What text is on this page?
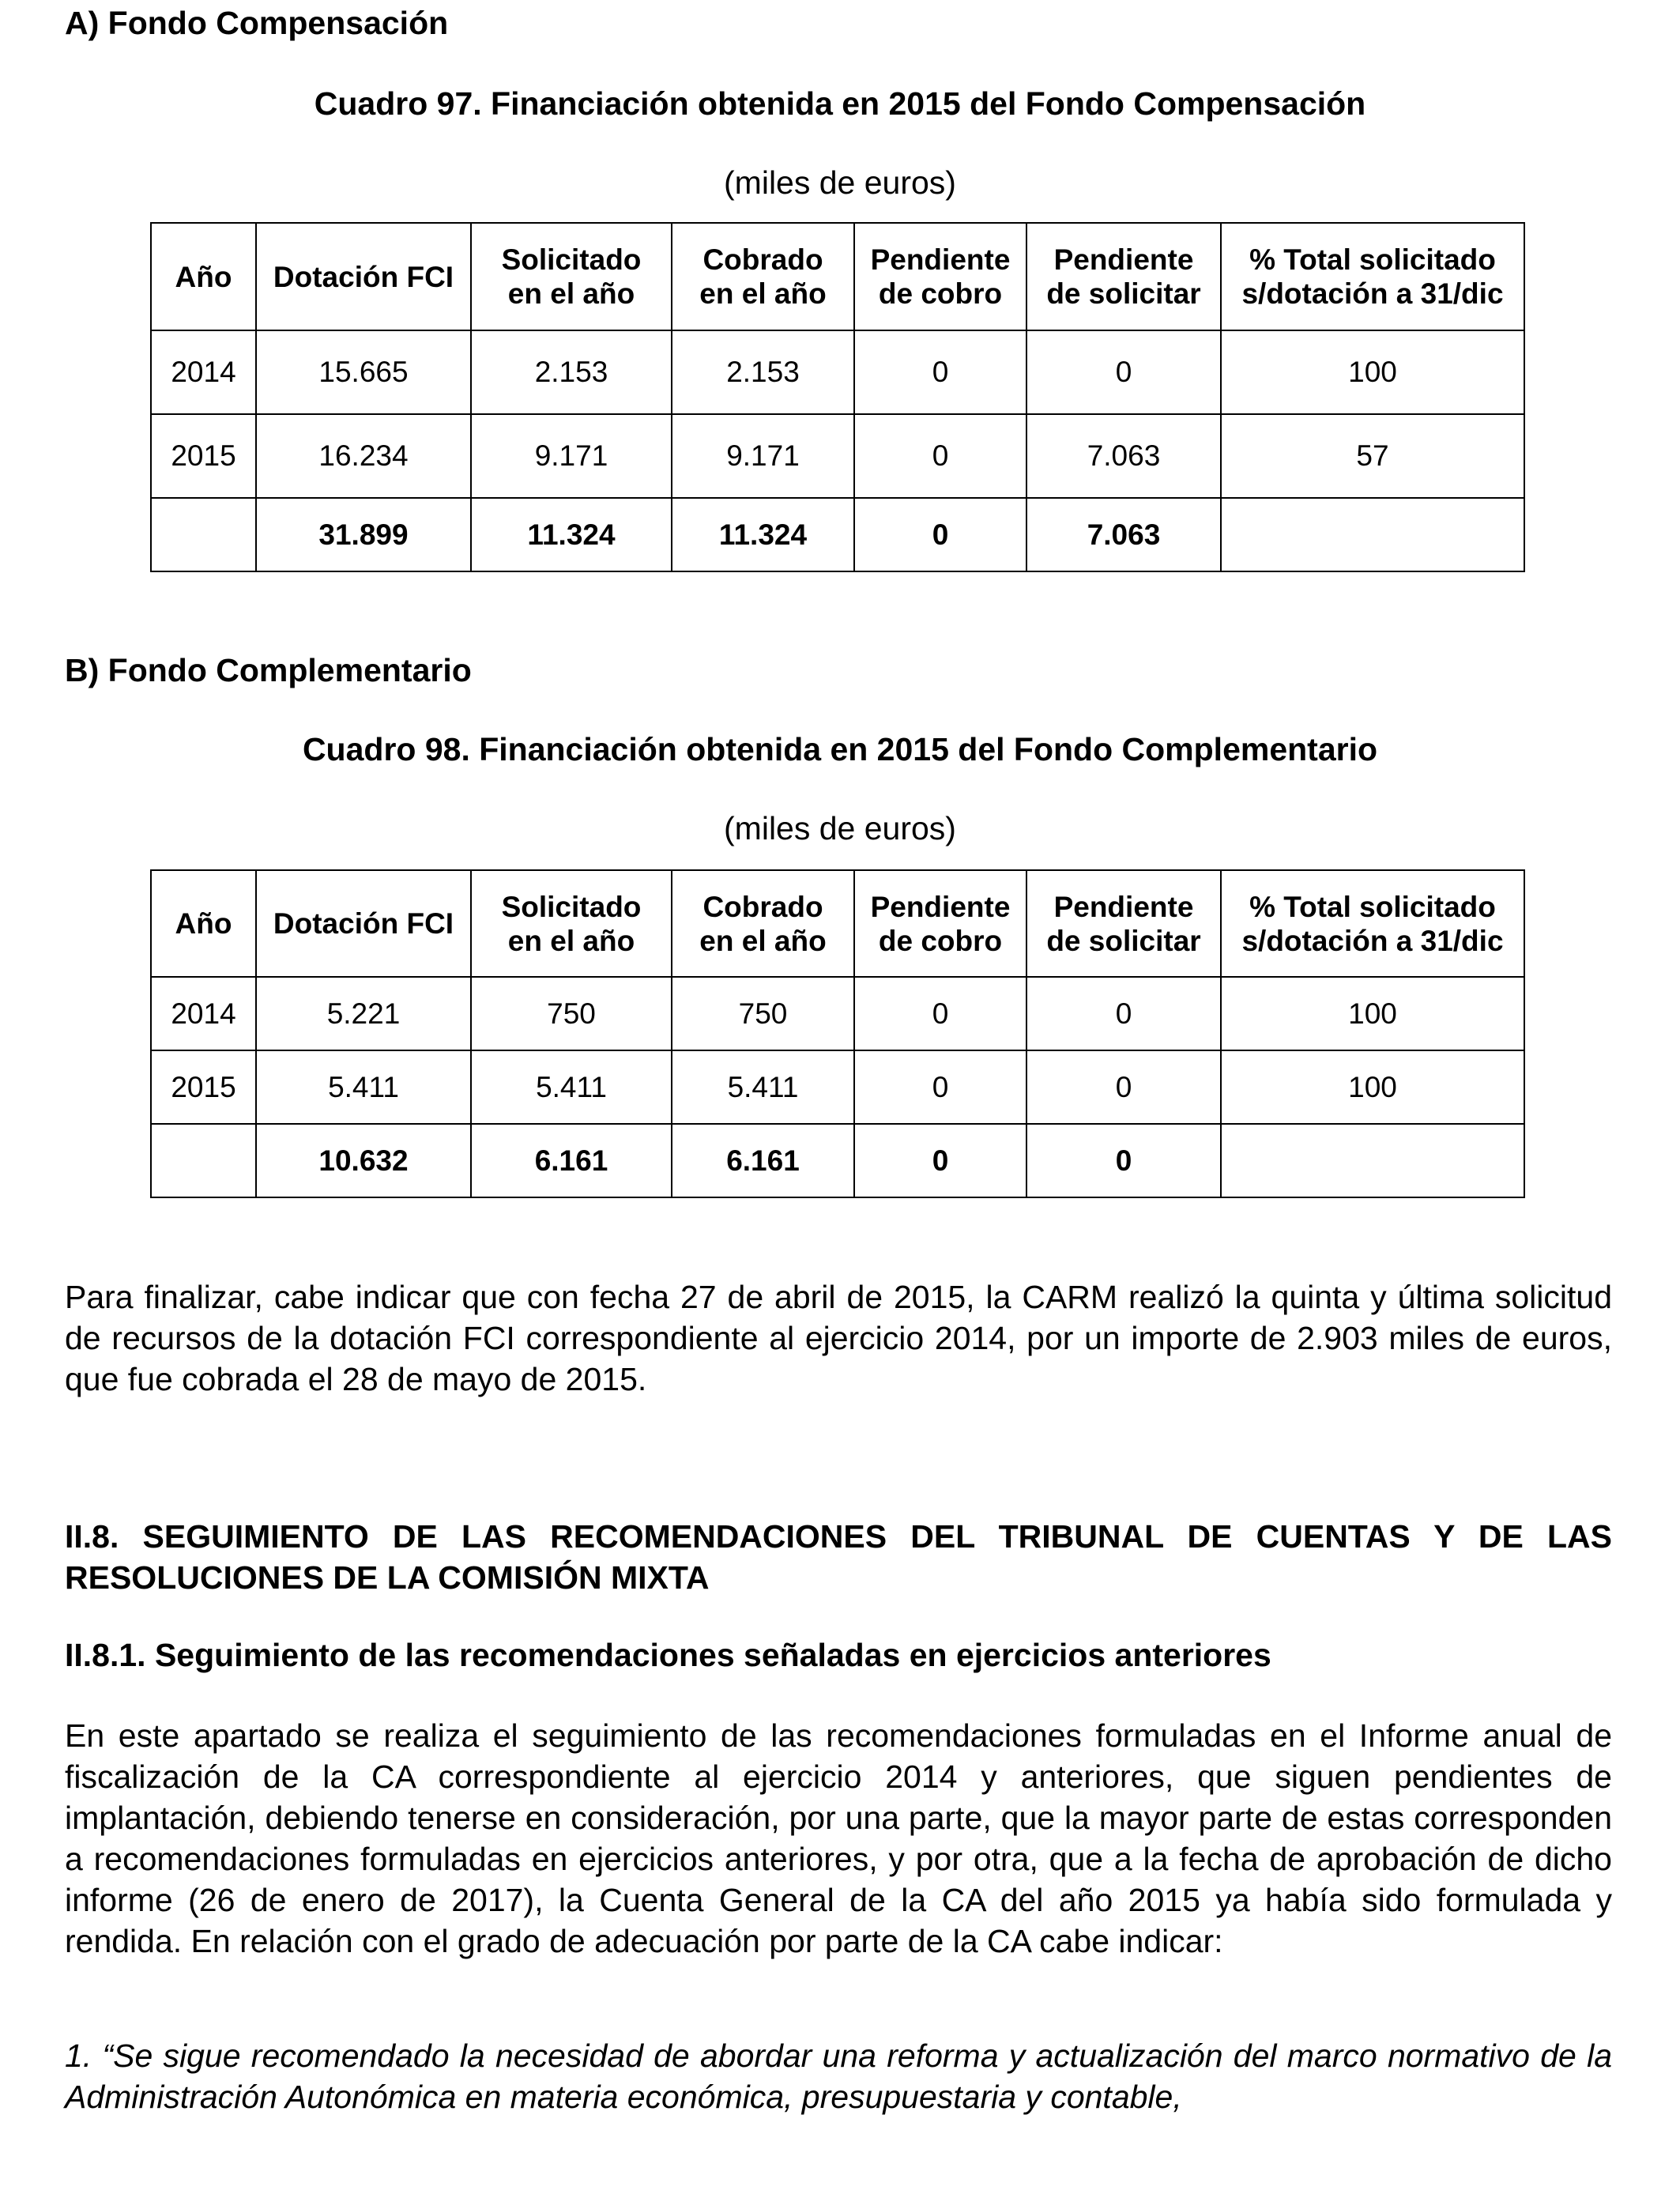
A) Fondo Compensación
Cuadro 97. Financiación obtenida en 2015 del Fondo Compensación
(miles de euros)
Año	Dotación FCI	Solicitado en el año	Cobrado en el año	Pendiente de cobro	Pendiente de solicitar	% Total solicitado s/dotación a 31/dic

2014	15.665	2.153	2.153	0	0	100
2015	16.234	9.171	9.171	0	7.063	57
	31.899	11.324	11.324	0	7.063	
B) Fondo Complementario
Cuadro 98. Financiación obtenida en 2015 del Fondo Complementario
(miles de euros)
Año	Dotación FCI	Solicitado en el año	Cobrado en el año	Pendiente de cobro	Pendiente de solicitar	% Total solicitado s/dotación a 31/dic

2014	5.221	750	750	0	0	100
2015	5.411	5.411	5.411	0	0	100
	10.632	6.161	6.161	0	0	
Para finalizar, cabe indicar que con fecha 27 de abril de 2015, la CARM realizó la quinta y última solicitud de recursos de la dotación FCI correspondiente al ejercicio 2014, por un importe de 2.903 miles de euros, que fue cobrada el 28 de mayo de 2015.
II.8. SEGUIMIENTO DE LAS RECOMENDACIONES DEL TRIBUNAL DE CUENTAS Y DE LAS RESOLUCIONES DE LA COMISIÓN MIXTA
II.8.1. Seguimiento de las recomendaciones señaladas en ejercicios anteriores
En este apartado se realiza el seguimiento de las recomendaciones formuladas en el Informe anual de fiscalización de la CA correspondiente al ejercicio 2014 y anteriores, que siguen pendientes de implantación, debiendo tenerse en consideración, por una parte, que la mayor parte de estas corresponden a recomendaciones formuladas en ejercicios anteriores, y por otra, que a la fecha de aprobación de dicho informe (26 de enero de 2017), la Cuenta General de la CA del año 2015 ya había sido formulada y rendida. En relación con el grado de adecuación por parte de la CA cabe indicar:
1. “Se sigue recomendado la necesidad de abordar una reforma y actualización del marco normativo de la Administración Autonómica en materia económica, presupuestaria y contable,
